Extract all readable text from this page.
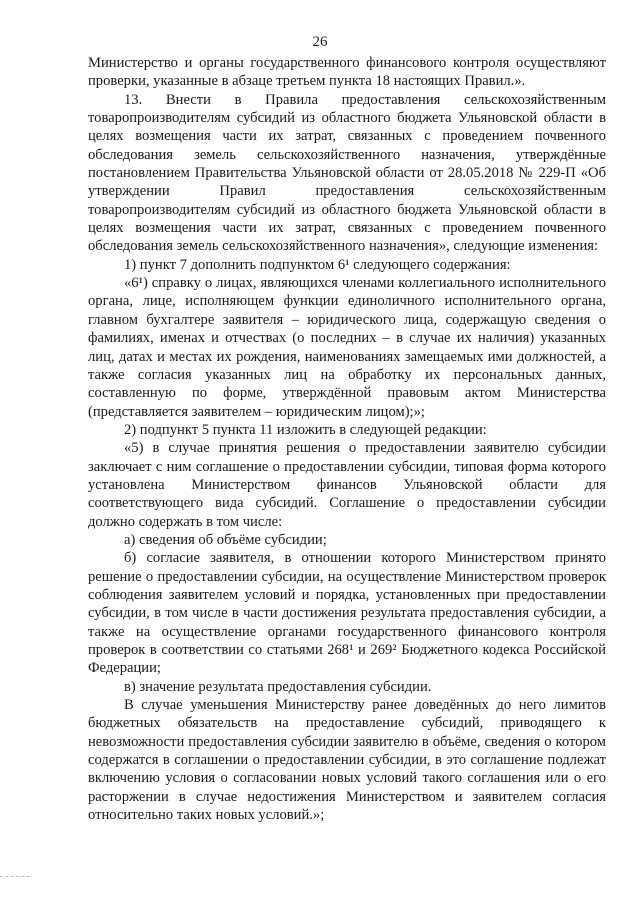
26

Министерство и органы государственного финансового контроля осуществляют проверки, указанные в абзаце третьем пункта 18 настоящих Правил.».

13. Внести в Правила предоставления сельскохозяйственным товаропроизводителям субсидий из областного бюджета Ульяновской области в целях возмещения части их затрат, связанных с проведением почвенного обследования земель сельскохозяйственного назначения, утверждённые постановлением Правительства Ульяновской области от 28.05.2018 № 229-П «Об утверждении Правил предоставления сельскохозяйственным товаропроизводителям субсидий из областного бюджета Ульяновской области в целях возмещения части их затрат, связанных с проведением почвенного обследования земель сельскохозяйственного назначения», следующие изменения:

1) пункт 7 дополнить подпунктом 6¹ следующего содержания:

«6¹) справку о лицах, являющихся членами коллегиального исполнительного органа, лице, исполняющем функции единоличного исполнительного органа, главном бухгалтере заявителя – юридического лица, содержащую сведения о фамилиях, именах и отчествах (о последних – в случае их наличия) указанных лиц, датах и местах их рождения, наименованиях замещаемых ими должностей, а также согласия указанных лиц на обработку их персональных данных, составленную по форме, утверждённой правовым актом Министерства (представляется заявителем – юридическим лицом);»;

2) подпункт 5 пункта 11 изложить в следующей редакции:

«5) в случае принятия решения о предоставлении заявителю субсидии заключает с ним соглашение о предоставлении субсидии, типовая форма которого установлена Министерством финансов Ульяновской области для соответствующего вида субсидий. Соглашение о предоставлении субсидии должно содержать в том числе:

а) сведения об объёме субсидии;

б) согласие заявителя, в отношении которого Министерством принято решение о предоставлении субсидии, на осуществление Министерством проверок соблюдения заявителем условий и порядка, установленных при предоставлении субсидии, в том числе в части достижения результата предоставления субсидии, а также на осуществление органами государственного финансового контроля проверок в соответствии со статьями 268¹ и 269² Бюджетного кодекса Российской Федерации;

в) значение результата предоставления субсидии.

В случае уменьшения Министерству ранее доведённых до него лимитов бюджетных обязательств на предоставление субсидий, приводящего к невозможности предоставления субсидии заявителю в объёме, сведения о котором содержатся в соглашении о предоставлении субсидии, в это соглашение подлежат включению условия о согласовании новых условий такого соглашения или о его расторжении в случае недостижения Министерством и заявителем согласия относительно таких новых условий.»;
